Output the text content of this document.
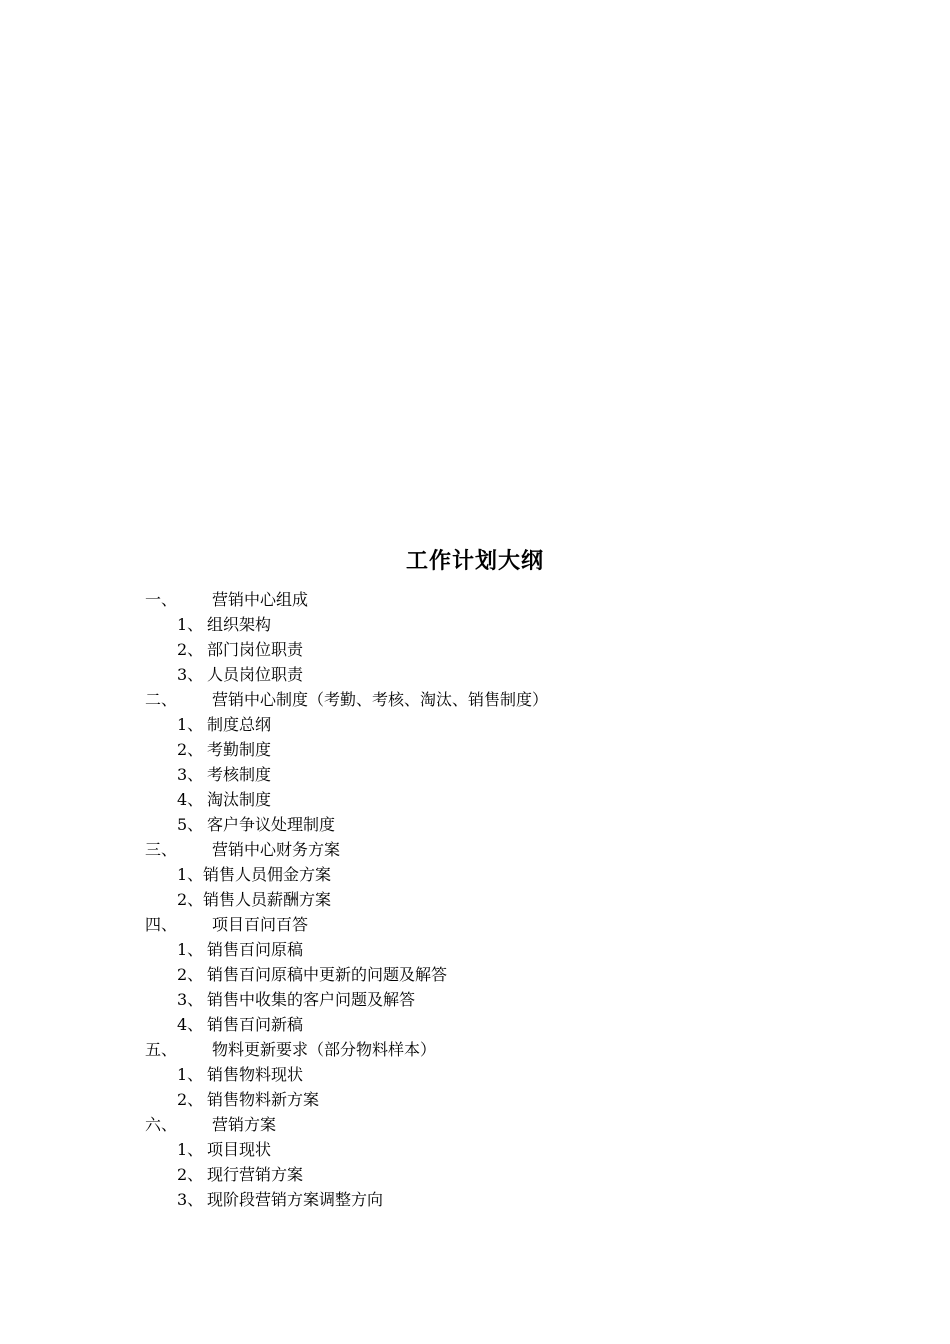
工作计划大纲
一、 营销中心组成
1、 组织架构
2、 部门岗位职责
3、 人员岗位职责
二、 营销中心制度（考勤、考核、淘汰、销售制度）
1、 制度总纲
2、 考勤制度
3、 考核制度
4、 淘汰制度
5、 客户争议处理制度
三、 营销中心财务方案
1、 销售人员佣金方案
2、 销售人员薪酬方案
四、 项目百问百答
1、 销售百问原稿
2、 销售百问原稿中更新的问题及解答
3、 销售中收集的客户问题及解答
4、 销售百问新稿
五、 物料更新要求（部分物料样本）
1、 销售物料现状
2、 销售物料新方案
六、 营销方案
1、 项目现状
2、 现行营销方案
3、 现阶段营销方案调整方向
